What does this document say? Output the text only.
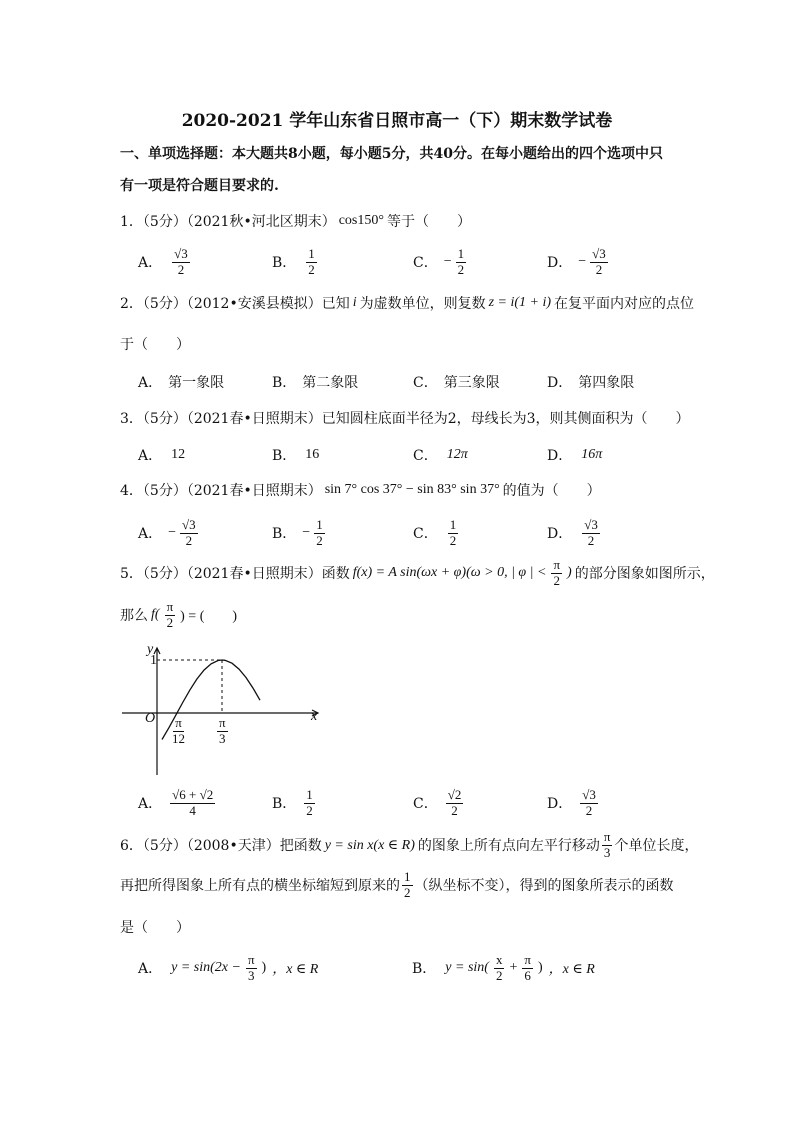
2020-2021 学年山东省日照市高一（下）期末数学试卷
一、单项选择题：本大题共8小题，每小题5分，共40分。在每小题给出的四个选项中只
有一项是符合题目要求的.
1．（5分）（2021秋•河北区期末） cos150° 等于（　　）
A． $\frac{√3}{2}$	B． $\frac{1}{2}$	C． − $\frac{1}{2}$	D． − $\frac{√3}{2}$
2．（5分）（2012•安溪县模拟）已知 i 为虚数单位，则复数 z = i(1 + i) 在复平面内对应的点位
于（　　）
A． 第一象限	B． 第二象限	C． 第三象限	D． 第四象限
3．（5分）（2021春•日照期末）已知圆柱底面半径为2，母线长为3，则其侧面积为（　　）
A． 12	B． 16	C． 12π	D． 16π
4．（5分）（2021春•日照期末） sin 7° cos 37° − sin 83° sin 37° 的值为（　　）
A． − $\frac{√3}{2}$	B． − $\frac{1}{2}$	C． $\frac{1}{2}$	D． $\frac{√3}{2}$
5．（5分）（2021春•日照期末）函数 f(x) = A sin(ωx + φ)(ω > 0, | φ | < $\frac{\pi}{2}$ ) 的部分图象如图所示，
那么 $f( \frac{\pi}{2}$ ) = (　　)
y
1
O	x
$\frac{\pi}{12} \frac{\pi}{3}$
A． $\frac{√6 + √2}{4}$	B． $\frac{1}{2}$	C． $\frac{√2}{2}$	D． $\frac{√3}{2}$
6．（5分）（2008•天津）把函数 y = sin x(x ∈ R) 的图象上所有点向左平行移动 $\frac{\pi}{3}$ 个单位长度，
再把所得图象上所有点的横坐标缩短到原来的 $\frac{1}{2}$ （纵坐标不变），得到的图象所表示的函数
是（　　）
A． $y = \sin(2x - \frac{\pi}{3}$ ) ，x ∈ R	B． $y = \sin( \frac{x}{2} + \frac{\pi}{6}$ ) ，x ∈ R
